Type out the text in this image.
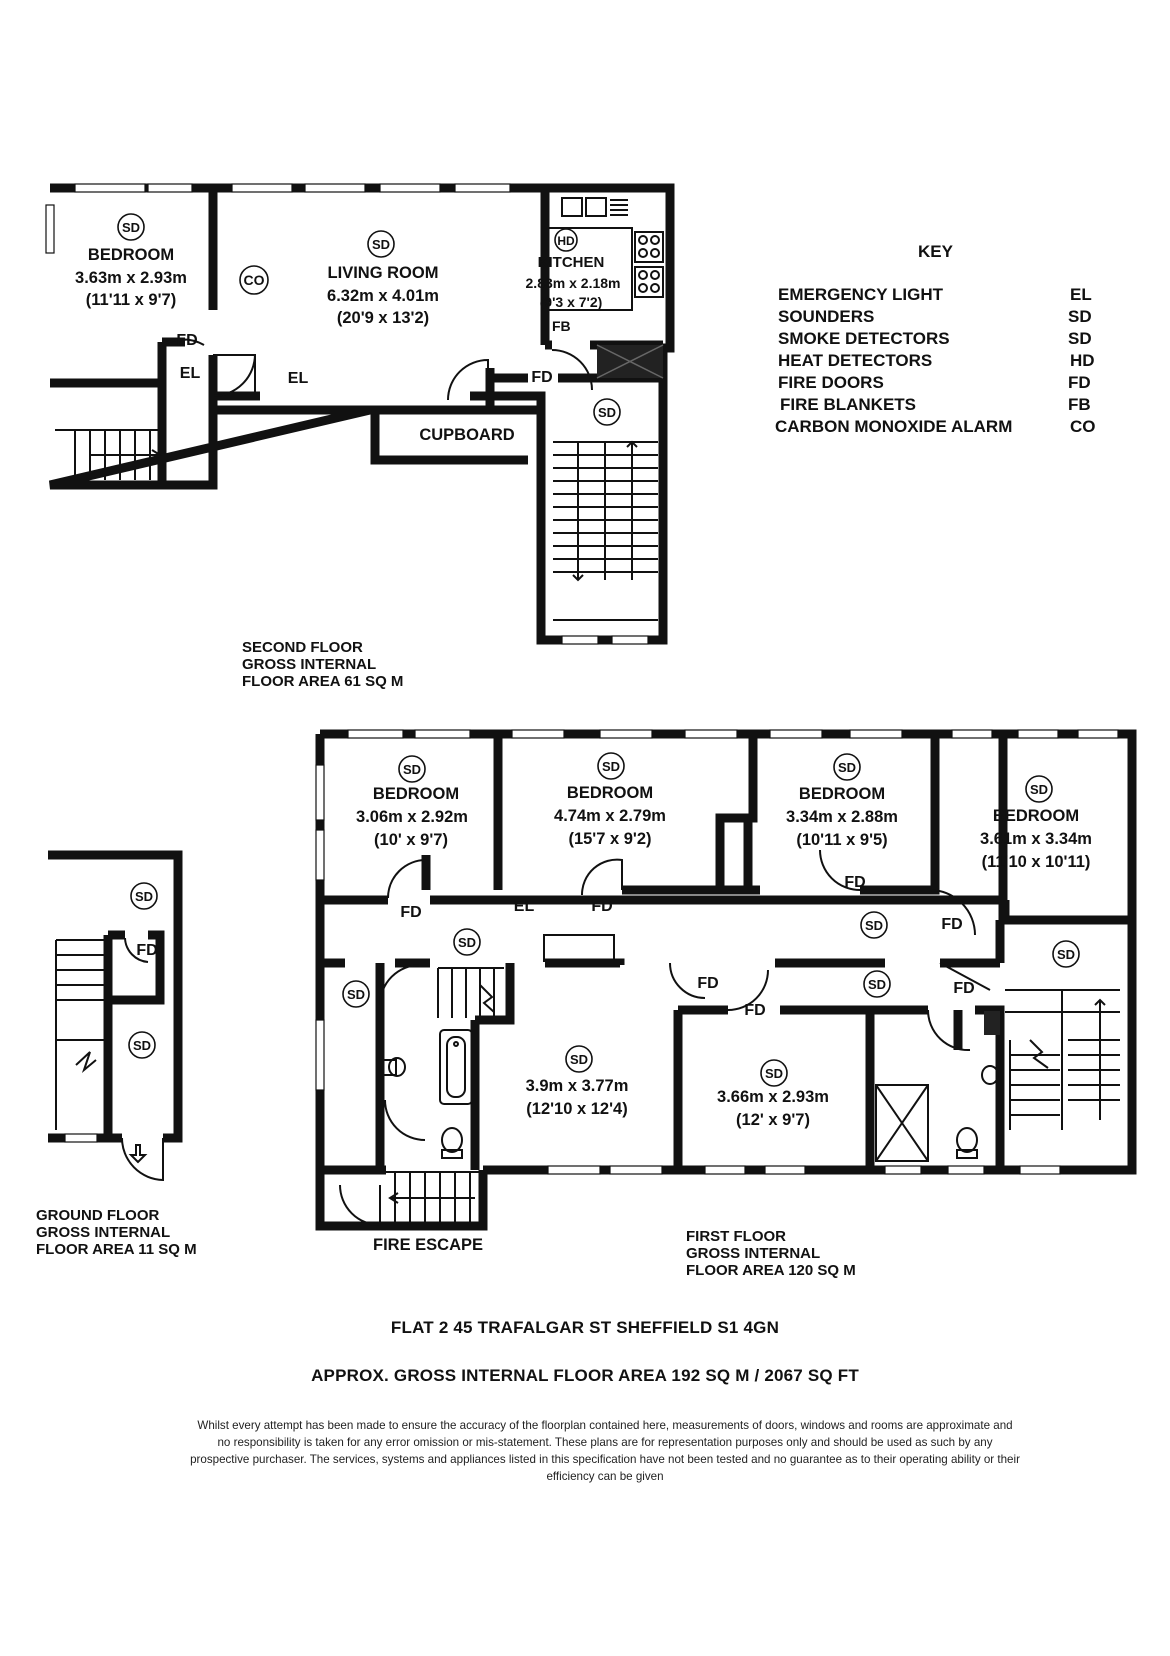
KEY
EMERGENCY LIGHT	EL
SOUNDERS	SD
SMOKE DETECTORS	SD
HEAT DETECTORS	HD
FIRE DOORS	FD
FIRE BLANKETS	FB
CARBON MONOXIDE ALARM	CO
BEDROOM
3.63m x 2.93m
(11'11 x 9'7)
LIVING ROOM
6.32m x 4.01m
(20'9 x 13'2)
KITCHEN
2.83m x 2.18m
(9'3 x 7'2)
CUPBOARD
SD
SD	HD
CO
SD
FD
EL	EL	FD
FB
SECOND FLOOR
GROSS INTERNAL
FLOOR AREA 61 SQ M
BEDROOM
3.06m x 2.92m
(10' x 9'7)
BEDROOM
4.74m x 2.79m
(15'7 x 9'2)
BEDROOM
3.34m x 2.88m
(10'11 x 9'5)
BEDROOM
3.61m x 3.34m
(11'10 x 10'11)
3.9m x 3.77m
(12'10 x 12'4)
3.66m x 2.93m
(12' x 9'7)
FIRE ESCAPE
SD	SD	SD
SD
SD
SD
SD
SD
SD
SD
SD
FD	EL	FD
FD
FD
FD	FD
FD
FIRST FLOOR
GROSS INTERNAL
FLOOR AREA 120 SQ M
SD
SD
FD
GROUND FLOOR
GROSS INTERNAL
FLOOR AREA 11 SQ M
FLAT 2 45 TRAFALGAR ST SHEFFIELD S1 4GN
APPROX. GROSS INTERNAL FLOOR AREA 192 SQ M / 2067 SQ FT
Whilst every attempt has been made to ensure the accuracy of the floorplan contained here, measurements of doors, windows and rooms are approximate and no responsibility is taken for any error omission or mis-statement. These plans are for representation purposes only and should be used as such by any prospective purchaser. The services, systems and appliances listed in this specification have not been tested and no guarantee as to their operating ability or their efficiency can be given
